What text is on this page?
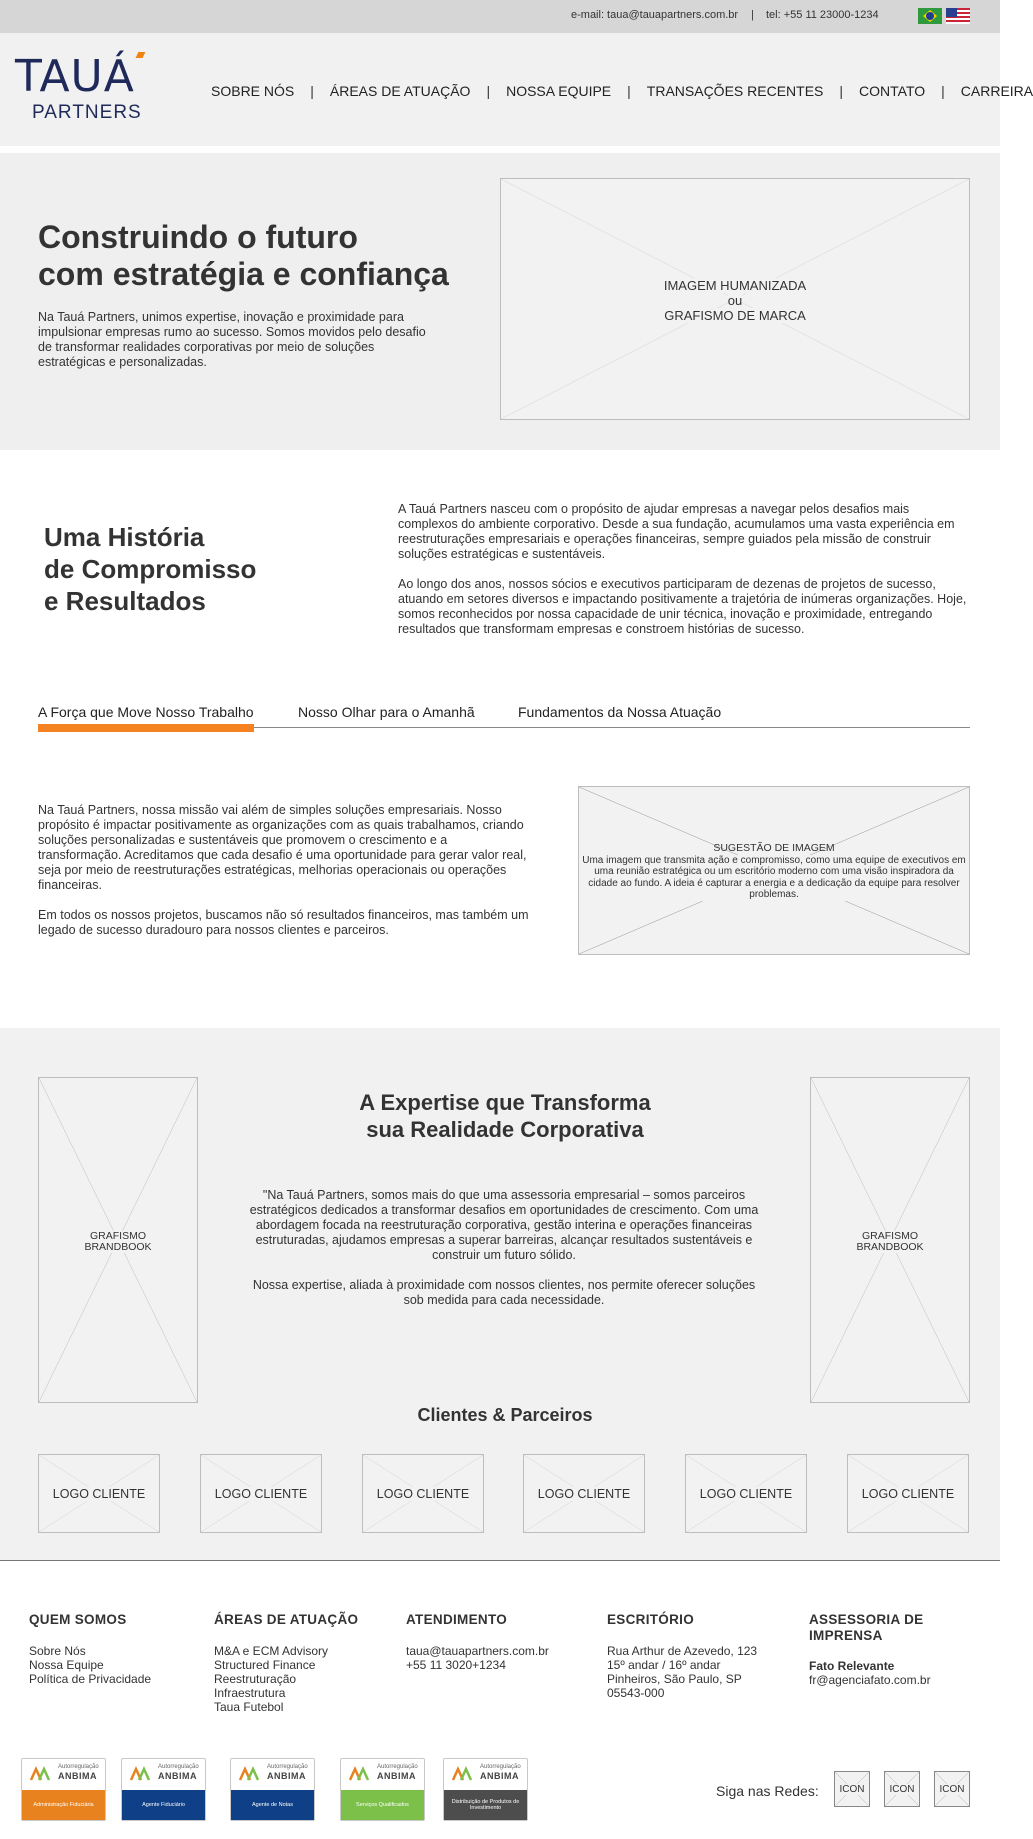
e-mail: taua@tauapartners.com.br | tel: +55 11 23000-1234
TAUÁ
PARTNERS
SOBRE NÓS | ÁREAS DE ATUAÇÃO | NOSSA EQUIPE | TRANSAÇÕES RECENTES | CONTATO | CARREIRA
Construindo o futuro
com estratégia e confiança

Na Tauá Partners, unimos expertise, inovação e proximidade para impulsionar empresas rumo ao sucesso. Somos movidos pelo desafio de transformar realidades corporativas por meio de soluções estratégicas e personalizadas.

IMAGEM HUMANIZADA
ou
GRAFISMO DE MARCA
Uma História
de Compromisso
e Resultados

A Tauá Partners nasceu com o propósito de ajudar empresas a navegar pelos desafios mais complexos do ambiente corporativo. Desde a sua fundação, acumulamos uma vasta experiência em reestruturações empresariais e operações financeiras, sempre guiados pela missão de construir soluções estratégicas e sustentáveis.

Ao longo dos anos, nossos sócios e executivos participaram de dezenas de projetos de sucesso, atuando em setores diversos e impactando positivamente a trajetória de inúmeras organizações. Hoje, somos reconhecidos por nossa capacidade de unir técnica, inovação e proximidade, entregando resultados que transformam empresas e constroem histórias de sucesso.

A Força que Move Nosso Trabalho	Nosso Olhar para o Amanhã	Fundamentos da Nossa Atuação

Na Tauá Partners, nossa missão vai além de simples soluções empresariais. Nosso propósito é impactar positivamente as organizações com as quais trabalhamos, criando soluções personalizadas e sustentáveis que promovem o crescimento e a transformação. Acreditamos que cada desafio é uma oportunidade para gerar valor real, seja por meio de reestruturações estratégicas, melhorias operacionais ou operações financeiras.

Em todos os nossos projetos, buscamos não só resultados financeiros, mas também um legado de sucesso duradouro para nossos clientes e parceiros.

SUGESTÃO DE IMAGEM
Uma imagem que transmita ação e compromisso, como uma equipe de executivos em uma reunião estratégica ou um escritório moderno com uma visão inspiradora da cidade ao fundo. A ideia é capturar a energia e a dedicação da equipe para resolver problemas.
GRAFISMO
BRANDBOOK
GRAFISMO
BRANDBOOK
A Expertise que Transforma
sua Realidade Corporativa

"Na Tauá Partners, somos mais do que uma assessoria empresarial – somos parceiros estratégicos dedicados a transformar desafios em oportunidades de crescimento. Com uma abordagem focada na reestruturação corporativa, gestão interina e operações financeiras estruturadas, ajudamos empresas a superar barreiras, alcançar resultados sustentáveis e construir um futuro sólido.

Nossa expertise, aliada à proximidade com nossos clientes, nos permite oferecer soluções sob medida para cada necessidade.

Clientes & Parceiros
LOGO CLIENTE	LOGO CLIENTE	LOGO CLIENTE	LOGO CLIENTE	LOGO CLIENTE	LOGO CLIENTE
QUEM SOMOS
Sobre Nós
Nossa Equipe
Política de Privacidade
ÁREAS DE ATUAÇÃO
M&A e ECM Advisory
Structured Finance
Reestruturação
Infraestrutura
Taua Futebol
ATENDIMENTO
taua@tauapartners.com.br
+55 11 3020+1234
ESCRITÓRIO
Rua Arthur de Azevedo, 123
15º andar / 16º andar
Pinheiros, São Paulo, SP
05543-000
ASSESSORIA DE
IMPRENSA
Fato Relevante
fr@agenciafato.com.br
Autorregulação
ANBIMA
Administração Fiduciária
Autorregulação
ANBIMA
Agente Fiduciário
Autorregulação
ANBIMA
Agente de Notas
Autorregulação
ANBIMA
Serviços Qualificados
Autorregulação
ANBIMA
Distribuição de Produtos de Investimento
Siga nas Redes:	ICON	ICON	ICON
